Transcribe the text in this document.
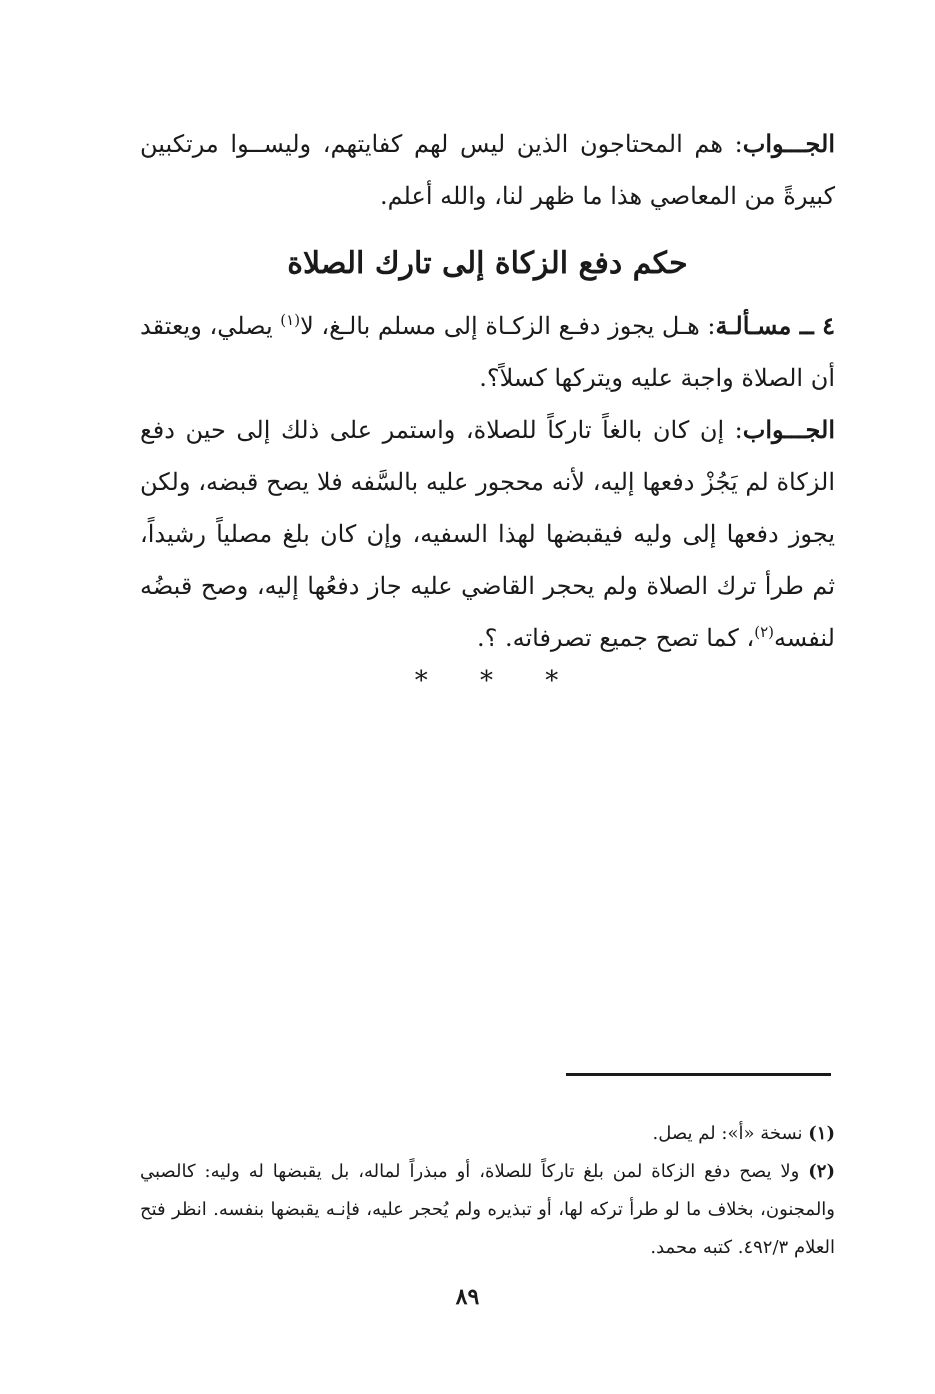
الجـــواب: هم المحتاجون الذين ليس لهم كفايتهم، وليســوا مرتكبين كبيرةً من المعاصي هذا ما ظهر لنا، والله أعلم.

حكم دفع الزكاة إلى تارك الصلاة

٤ ــ مسـألـة: هـل يجوز دفـع الزكـاة إلى مسلم بالـغ، لا$^{(١)}$ يصلي، ويعتقد أن الصلاة واجبة عليه ويتركها كسلاً؟.

الجـــواب: إن كان بالغاً تاركاً للصلاة، واستمر على ذلك إلى حين دفع الزكاة لم يَجُزْ دفعها إليه، لأنه محجور عليه بالسَّفه فلا يصح قبضه، ولكن يجوز دفعها إلى وليه فيقبضها لهذا السفيه، وإن كان بلغ مصلياً رشيداً، ثم طرأ ترك الصلاة ولم يحجر القاضي عليه جاز دفعُها إليه، وصح قبضُه لنفسه$^{(٢)}$، كما تصح جميع تصرفاته. ؟.

* * *

(١) نسخة «أ»: لم يصل.

(٢) ولا يصح دفع الزكاة لمن بلغ تاركاً للصلاة، أو مبذراً لماله، بل يقبضها له وليه: كالصبي والمجنون، بخلاف ما لو طرأ تركه لها، أو تبذيره ولم يُحجر عليه، فإنـه يقبضها بنفسه. انظر فتح العلام ٤٩٢/٣. كتبه محمد.

٨٩
